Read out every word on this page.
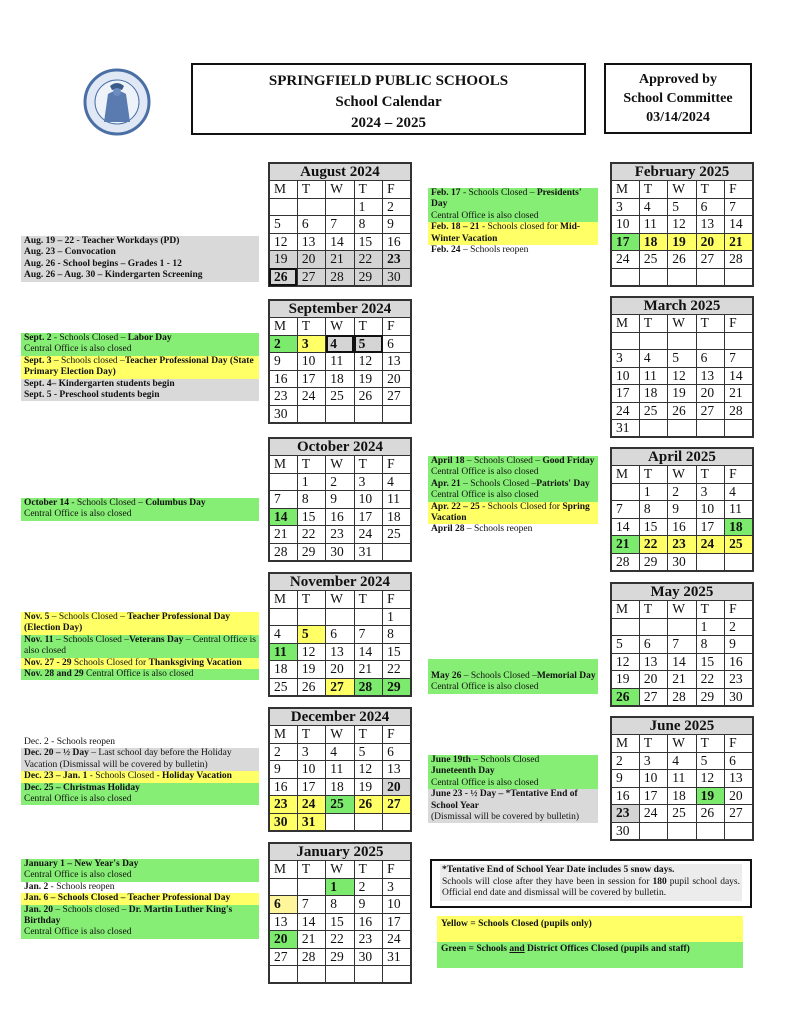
SPRINGFIELD PUBLIC SCHOOLS
School Calendar
2024 – 2025
Approved by
School Committee
03/14/2024
Aug. 19 – 22 - Teacher Workdays (PD)
Aug. 23 – Convocation
Aug. 26 - School begins – Grades 1 - 12
Aug. 26 – Aug. 30 – Kindergarten Screening
Sept. 2 - Schools Closed – Labor Day
Central Office is also closed
Sept. 3 – Schools closed –Teacher Professional Day (State Primary Election Day)
Sept. 4– Kindergarten students begin
Sept. 5 - Preschool students begin
October 14 - Schools Closed – Columbus Day
Central Office is also closed
Nov. 5 – Schools Closed – Teacher Professional Day (Election Day)
Nov. 11 – Schools Closed –Veterans Day – Central Office is also closed
Nov. 27 - 29 Schools Closed for Thanksgiving Vacation
Nov. 28 and 29 Central Office is also closed
Dec. 2 - Schools reopen
Dec. 20 – ½ Day – Last school day before the Holiday Vacation (Dismissal will be covered by bulletin)
Dec. 23 – Jan. 1 - Schools Closed - Holiday Vacation
Dec. 25 – Christmas Holiday
Central Office is also closed
January 1 – New Year's Day
Central Office is also closed
Jan. 2 - Schools reopen
Jan. 6 – Schools Closed – Teacher Professional Day
Jan. 20 – Schools closed – Dr. Martin Luther King's Birthday
Central Office is also closed
Feb. 17 - Schools Closed – Presidents' Day
Central Office is also closed
Feb. 18 – 21 - Schools closed for Mid-Winter Vacation
Feb. 24 – Schools reopen
April 18 – Schools Closed – Good Friday
Central Office is also closed
Apr. 21 – Schools Closed –Patriots' Day
Central Office is also closed
Apr. 22 – 25 - Schools Closed for Spring Vacation
April 28 – Schools reopen
May 26 – Schools Closed –Memorial Day
Central Office is also closed
June 19th – Schools Closed
Juneteenth Day
Central Office is also closed
June 23 - ½ Day – *Tentative End of School Year
(Dismissal will be covered by bulletin)
August 2024				
M	T	W	T	F
			1	2
5	6	7	8	9
12	13	14	15	16
19	20	21	22	23
26	27	28	29	30
September 2024				
M	T	W	T	F
2	3	4	5	6
9	10	11	12	13
16	17	18	19	20
23	24	25	26	27
30				
October 2024				
M	T	W	T	F
	1	2	3	4
7	8	9	10	11
14	15	16	17	18
21	22	23	24	25
28	29	30	31	
November 2024				
M	T	W	T	F
				1
4	5	6	7	8
11	12	13	14	15
18	19	20	21	22
25	26	27	28	29
December 2024				
M	T	W	T	F
2	3	4	5	6
9	10	11	12	13
16	17	18	19	20
23	24	25	26	27
30	31			
January 2025				
M	T	W	T	F
		1	2	3
6	7	8	9	10
13	14	15	16	17
20	21	22	23	24
27	28	29	30	31

February 2025				
M	T	W	T	F
3	4	5	6	7
10	11	12	13	14
17	18	19	20	21
24	25	26	27	28

March 2025				
M	T	W	T	F

3	4	5	6	7
10	11	12	13	14
17	18	19	20	21
24	25	26	27	28
31				
April 2025				
M	T	W	T	F
	1	2	3	4
7	8	9	10	11
14	15	16	17	18
21	22	23	24	25
28	29	30		
May 2025				
M	T	W	T	F
			1	2
5	6	7	8	9
12	13	14	15	16
19	20	21	22	23
26	27	28	29	30
June 2025				
M	T	W	T	F
2	3	4	5	6
9	10	11	12	13
16	17	18	19	20
23	24	25	26	27
30				
*Tentative End of School Year Date includes 5 snow days.
Schools will close after they have been in session for 180 pupil school days. Official end date and dismissal will be covered by bulletin.
Yellow = Schools Closed (pupils only)
Green = Schools and District Offices Closed (pupils and staff)
